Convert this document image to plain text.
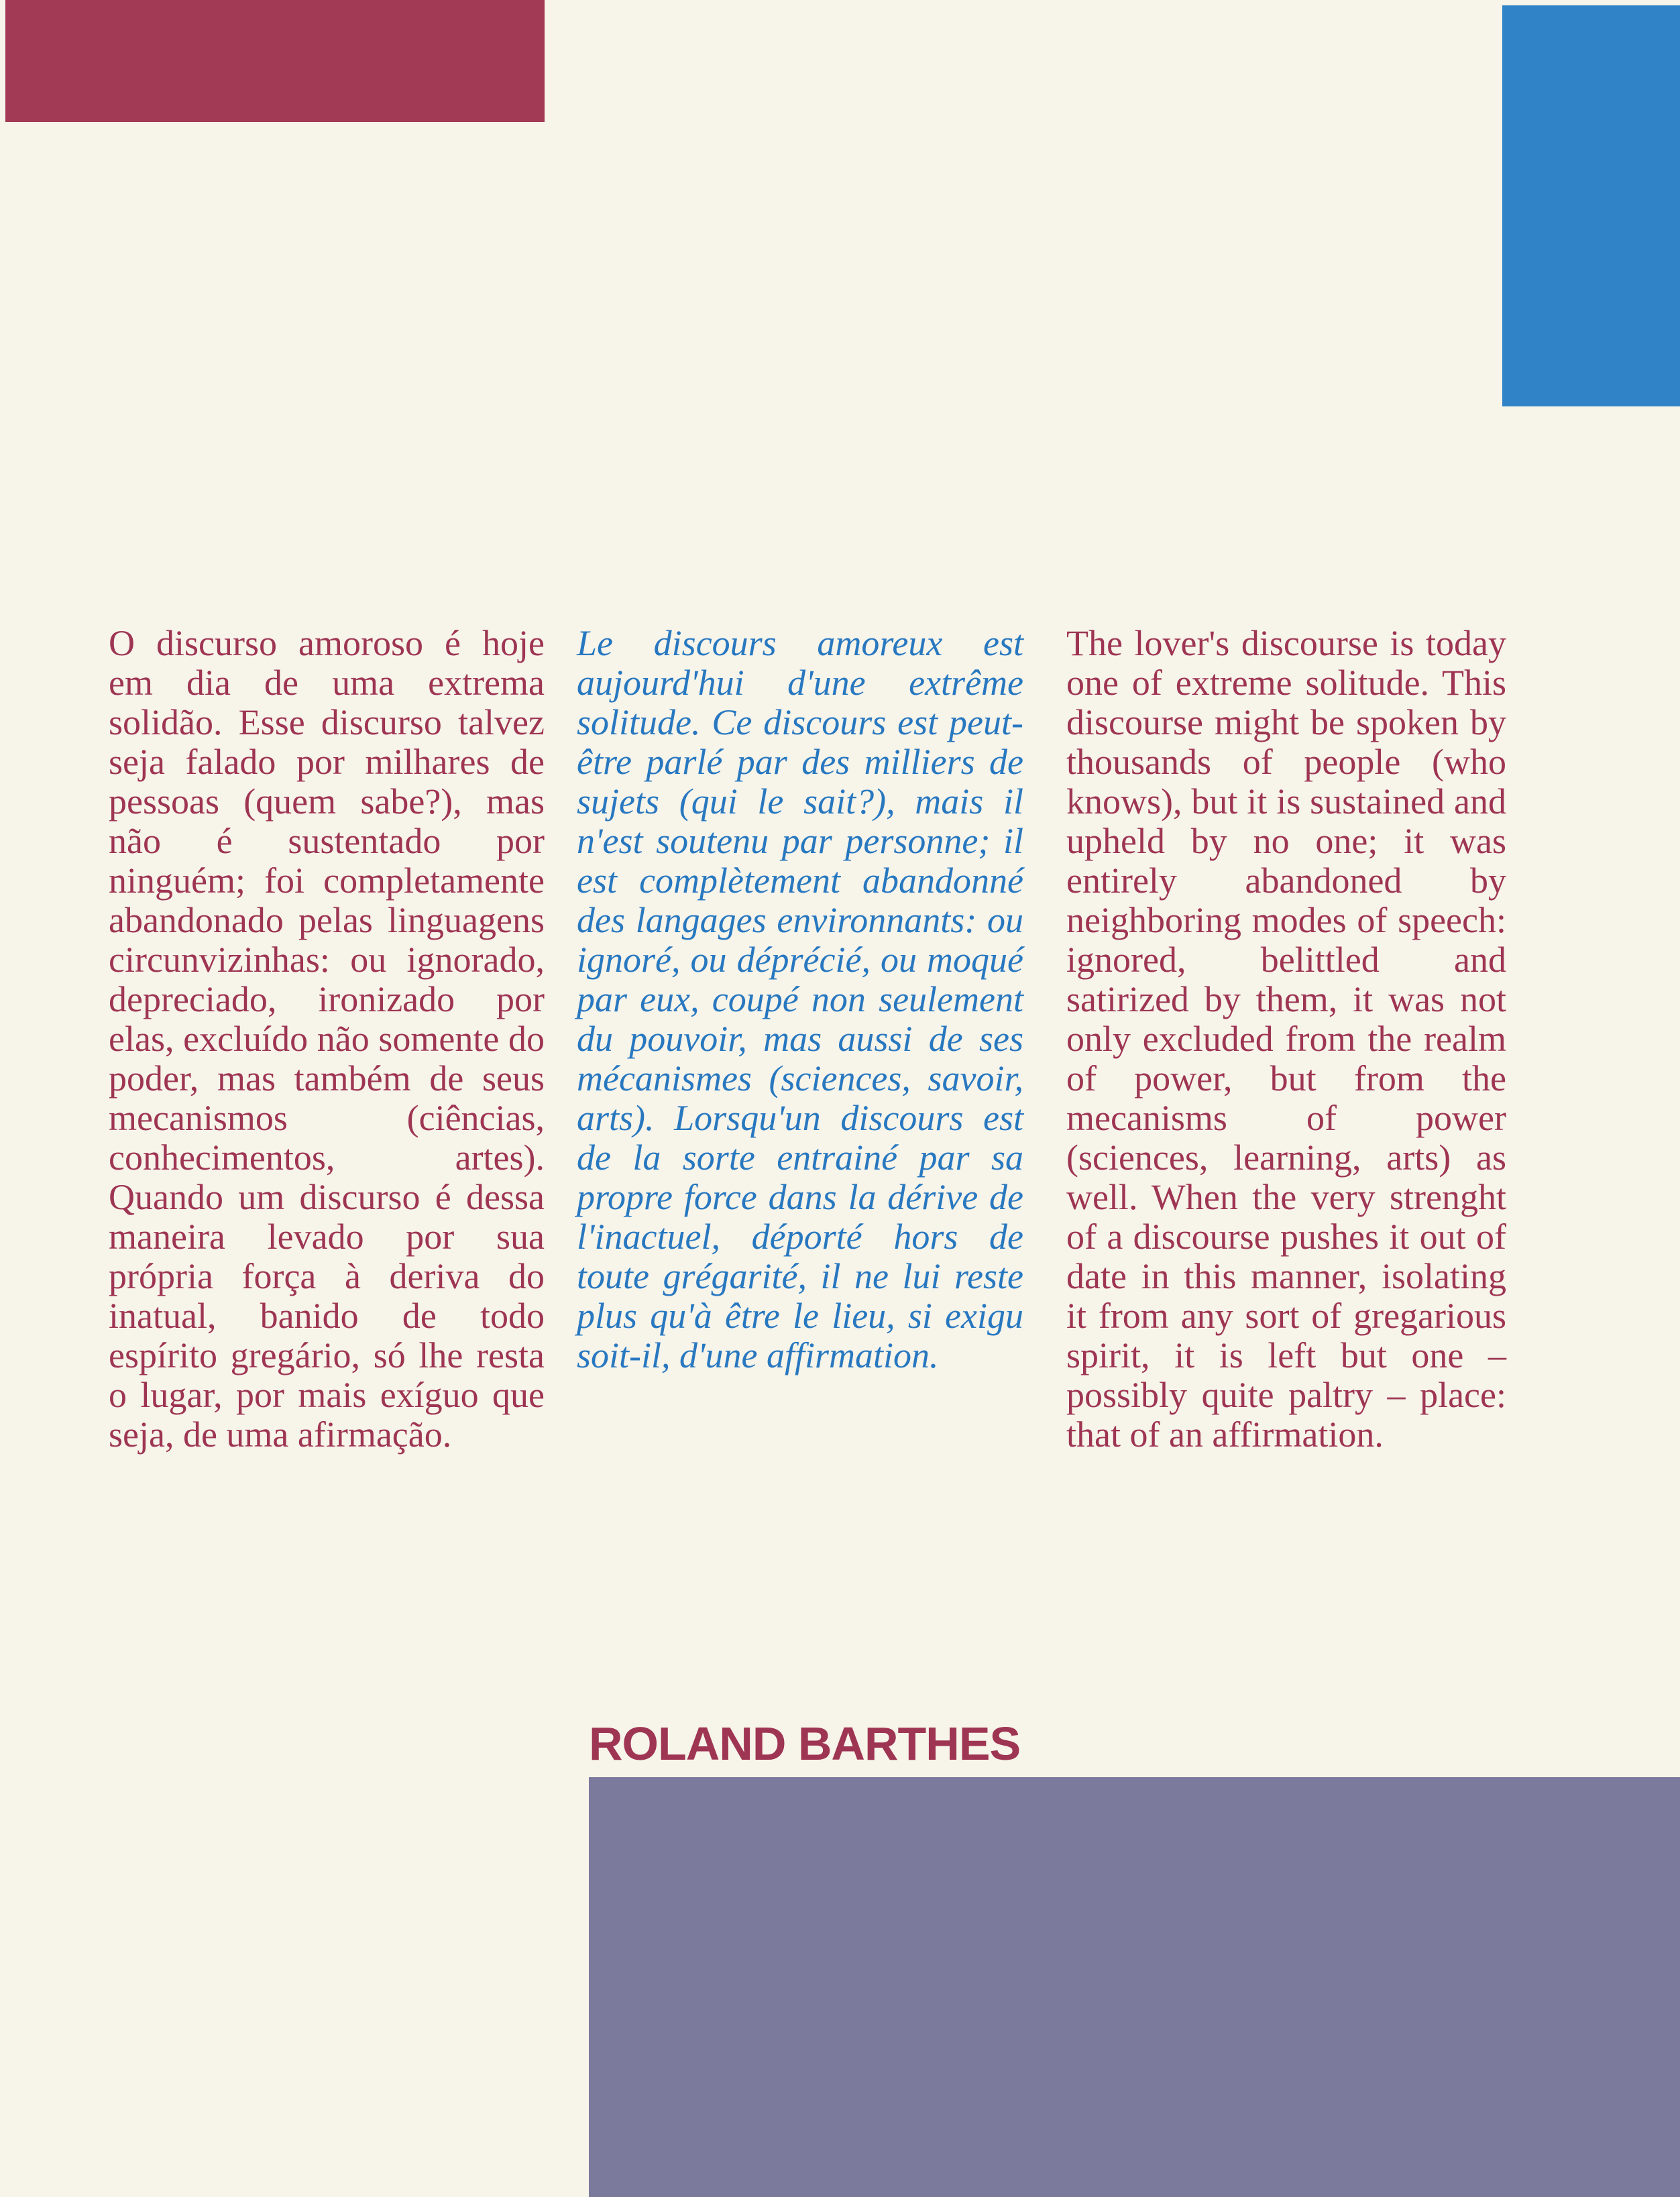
O discurso amoroso é hoje em dia de uma extrema solidão. Esse discurso talvez seja falado por milhares de pessoas (quem sabe?), mas não é sustentado por ninguém; foi completamente abandonado pelas linguagens circunvizinhas: ou ignorado, depreciado, ironizado por elas, excluído não somente do poder, mas também de seus mecanismos (ciências, conhecimentos, artes). Quando um discurso é dessa maneira levado por sua própria força à deriva do inatual, banido de todo espírito gregário, só lhe resta o lugar, por mais exíguo que seja, de uma afirmação.

Le discours amoreux est aujourd'hui d'une extrême solitude. Ce discours est peut-être parlé par des milliers de sujets (qui le sait?), mais il n'est soutenu par personne; il est complètement abandonné des langages environnants: ou ignoré, ou déprécié, ou moqué par eux, coupé non seulement du pouvoir, mas aussi de ses mécanismes (sciences, savoir, arts). Lorsqu'un discours est de la sorte entrainé par sa propre force dans la dérive de l'inactuel, déporté hors de toute grégarité, il ne lui reste plus qu'à être le lieu, si exigu soit-il, d'une affirmation.

The lover's discourse is today one of extreme solitude. This discourse might be spoken by thousands of people (who knows), but it is sustained and upheld by no one; it was entirely abandoned by neighboring modes of speech: ignored, belittled and satirized by them, it was not only excluded from the realm of power, but from the mecanisms of power (sciences, learning, arts) as well. When the very strenght of a discourse pushes it out of date in this manner, isolating it from any sort of gregarious spirit, it is left but one – possibly quite paltry – place: that of an affirmation.

ROLAND BARTHES
